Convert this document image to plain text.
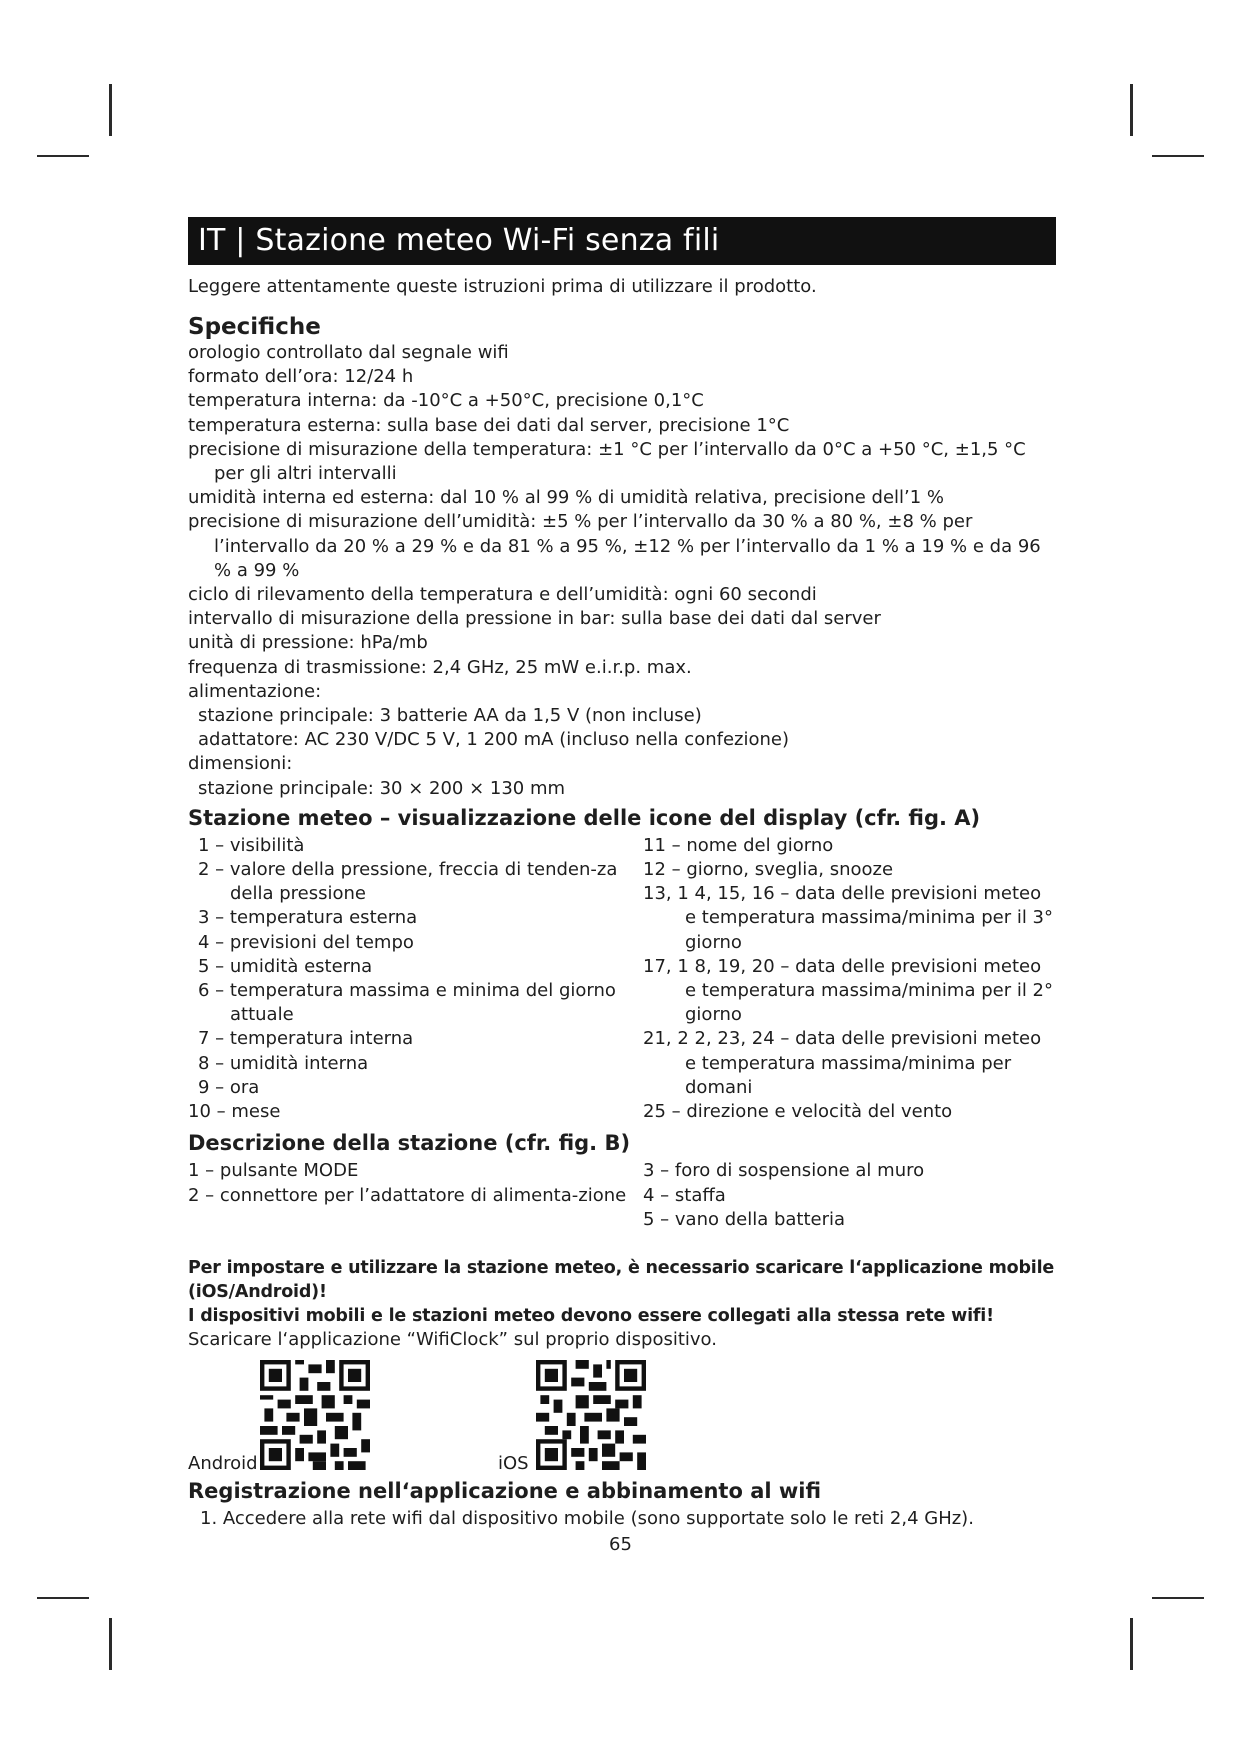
IT | Stazione meteo Wi-Fi senza fili
Leggere attentamente queste istruzioni prima di utilizzare il prodotto.
Specifiche
orologio controllato dal segnale wifi
formato dell’ora: 12/24 h
temperatura interna: da -10°C a +50°C, precisione 0,1°C
temperatura esterna: sulla base dei dati dal server, precisione 1°C
precisione di misurazione della temperatura: ±1 °C per l’intervallo da 0°C a +50 °C, ±1,5 °C per gli altri intervalli
umidità interna ed esterna: dal 10 % al 99 % di umidità relativa, precisione dell’1 %
precisione di misurazione dell’umidità: ±5 % per l’intervallo da 30 % a 80 %, ±8 % per l’intervallo da 20 % a 29 % e da 81 % a 95 %, ±12 % per l’intervallo da 1 % a 19 % e da 96 % a 99 %
ciclo di rilevamento della temperatura e dell’umidità: ogni 60 secondi
intervallo di misurazione della pressione in bar: sulla base dei dati dal server
unità di pressione: hPa/mb
frequenza di trasmissione: 2,4 GHz, 25 mW e.i.r.p. max.
alimentazione:
stazione principale: 3 batterie AA da 1,5 V (non incluse)
adattatore: AC 230 V/DC 5 V, 1 200 mA (incluso nella confezione)
dimensioni:
stazione principale: 30 × 200 × 130 mm
Stazione meteo – visualizzazione delle icone del display (cfr. fig. A)
1 – visibilità
2 – valore della pressione, freccia di tenden-za della pressione
3 – temperatura esterna
4 – previsioni del tempo
5 – umidità esterna
6 – temperatura massima e minima del giorno attuale
7 – temperatura interna
8 – umidità interna
9 – ora
10 – mese
11 – nome del giorno
12 – giorno, sveglia, snooze
13, 1 4, 15, 16 – data delle previsioni meteo e temperatura massima/minima per il 3° giorno
17, 1 8, 19, 20 – data delle previsioni meteo e temperatura massima/minima per il 2° giorno
21, 2 2, 23, 24 – data delle previsioni meteo e temperatura massima/minima per domani
25 – direzione e velocità del vento
Descrizione della stazione (cfr. fig. B)
1 – pulsante MODE
2 – connettore per l’adattatore di alimenta-zione
3 – foro di sospensione al muro
4 – staffa
5 – vano della batteria
Per impostare e utilizzare la stazione meteo, è necessario scaricare l‘applicazione mobile (iOS/Android)!
I dispositivi mobili e le stazioni meteo devono essere collegati alla stessa rete wifi!
Scaricare l‘applicazione “WifiClock” sul proprio dispositivo.
Android	iOS
Registrazione nell‘applicazione e abbinamento al wifi
1. Accedere alla rete wifi dal dispositivo mobile (sono supportate solo le reti 2,4 GHz).
65
